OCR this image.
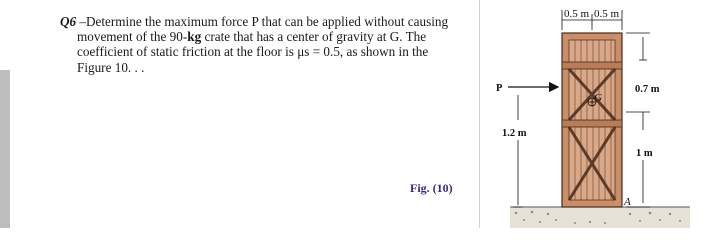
Q6 –Determine the maximum force P that can be applied without causing

movement of the 90-kg crate that has a center of gravity at G. The

coefficient of static friction at the floor is μs = 0.5, as shown in the

Figure 10. . .

Fig. (10)
G
A
P
0.5 m 0.5 m
0.7 m
1 m
1.2 m
